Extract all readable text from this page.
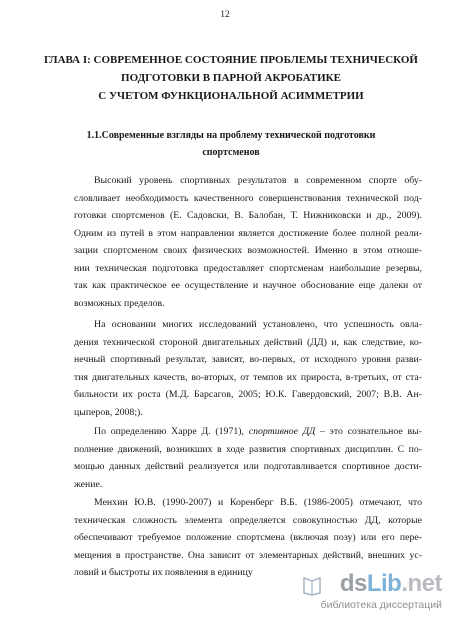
12
ГЛАВА I: СОВРЕМЕННОЕ СОСТОЯНИЕ ПРОБЛЕМЫ ТЕХНИЧЕСКОЙ
ПОДГОТОВКИ В ПАРНОЙ АКРОБАТИКЕ
С УЧЕТОМ ФУНКЦИОНАЛЬНОЙ АСИММЕТРИИ
1.1.Современные взгляды на проблему технической подготовки
спортсменов

Высокий уровень спортивных результатов в современном спорте обу-
словливает необходимость качественного совершенствования технической под-
готовки спортсменов (Е. Садовски, В. Балобан, Т. Нижниковски и др., 2009).
Одним из путей в этом направлении является достижение более полной реали-
зации спортсменом своих физических возможностей. Именно в этом отноше-
нии техническая подготовка предоставляет спортсменам наибольшие резервы,
так как практическое ее осуществление и научное обоснование еще далеки от
возможных пределов.

На основании многих исследований установлено, что успешность овла-
дения технической стороной двигательных действий (ДД) и, как следствие, ко-
нечный спортивный результат, зависят, во-первых, от исходного уровня разви-
тия двигательных качеств, во-вторых, от темпов их прироста, в-третьих, от ста-
бильности их роста (М.Д. Барсагов, 2005; Ю.К. Гавердовский, 2007; В.В. Ан-
цыперов, 2008;).

По определению Харре Д. (1971), спортивное ДД – это сознательное вы-
полнение движений, возникших в ходе развития спортивных дисциплин. С по-
мощью данных действий реализуется или подготавливается спортивное дости-
жение.

Менхин Ю.В. (1990-2007) и Коренберг В.Б. (1986-2005) отмечают, что
техническая сложность элемента определяется совокупностью ДД, которые
обеспечивают требуемое положение спортсмена (включая позу) или его пере-
мещения в пространстве. Она зависит от элементарных действий, внешних ус-
ловий и быстроты их появления в единицу	dsLib.net
библиотека диссертаций
